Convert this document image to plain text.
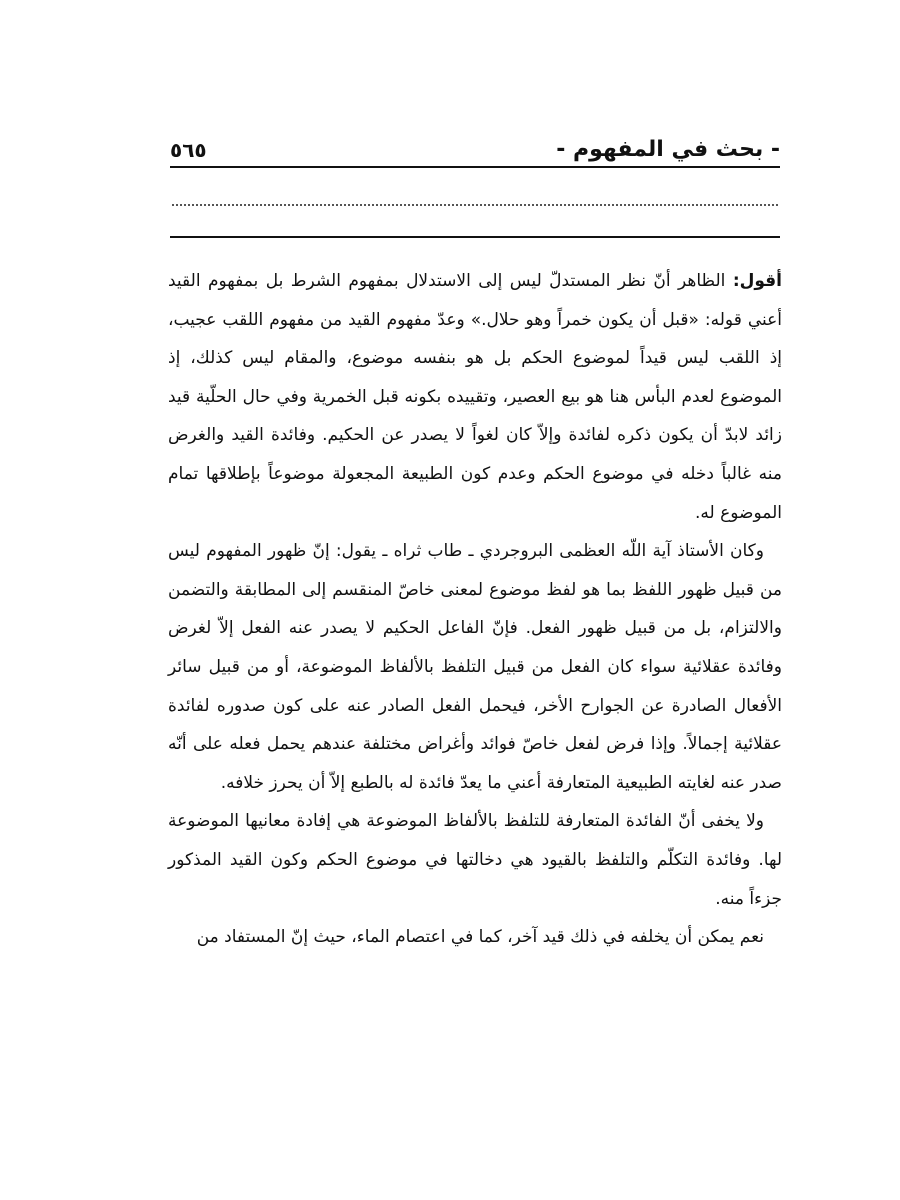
- بحث في المفهوم -
٥٦٥

أقول: الظاهر أنّ نظر المستدلّ ليس إلى الاستدلال بمفهوم الشرط بل بمفهوم القيد أعني قوله: «قبل أن يكون خمراً وهو حلال.» وعدّ مفهوم القيد من مفهوم اللقب عجيب، إذ اللقب ليس قيداً لموضوع الحكم بل هو بنفسه موضوع، والمقام ليس كذلك، إذ الموضوع لعدم البأس هنا هو بيع العصير، وتقييده بكونه قبل الخمرية وفي حال الحلّية قيد زائد لابدّ أن يكون ذكره لفائدة وإلاّ كان لغواً لا يصدر عن الحكيم. وفائدة القيد والغرض منه غالباً دخله في موضوع الحكم وعدم كون الطبيعة المجعولة موضوعاً بإطلاقها تمام الموضوع له.

وكان الأستاذ آية اللّه العظمى البروجردي ـ طاب ثراه ـ يقول: إنّ ظهور المفهوم ليس من قبيل ظهور اللفظ بما هو لفظ موضوع لمعنى خاصّ المنقسم إلى المطابقة والتضمن والالتزام، بل من قبيل ظهور الفعل. فإنّ الفاعل الحكيم لا يصدر عنه الفعل إلاّ لغرض وفائدة عقلائية سواء كان الفعل من قبيل التلفظ بالألفاظ الموضوعة، أو من قبيل سائر الأفعال الصادرة عن الجوارح الأخر، فيحمل الفعل الصادر عنه على كون صدوره لفائدة عقلائية إجمالاً. وإذا فرض لفعل خاصّ فوائد وأغراض مختلفة عندهم يحمل فعله على أنّه صدر عنه لغايته الطبيعية المتعارفة أعني ما يعدّ فائدة له بالطبع إلاّ أن يحرز خلافه.

ولا يخفى أنّ الفائدة المتعارفة للتلفظ بالألفاظ الموضوعة هي إفادة معانيها الموضوعة لها. وفائدة التكلّم والتلفظ بالقيود هي دخالتها في موضوع الحكم وكون القيد المذكور جزءاً منه.

نعم يمكن أن يخلفه في ذلك قيد آخر، كما في اعتصام الماء، حيث إنّ المستفاد من
